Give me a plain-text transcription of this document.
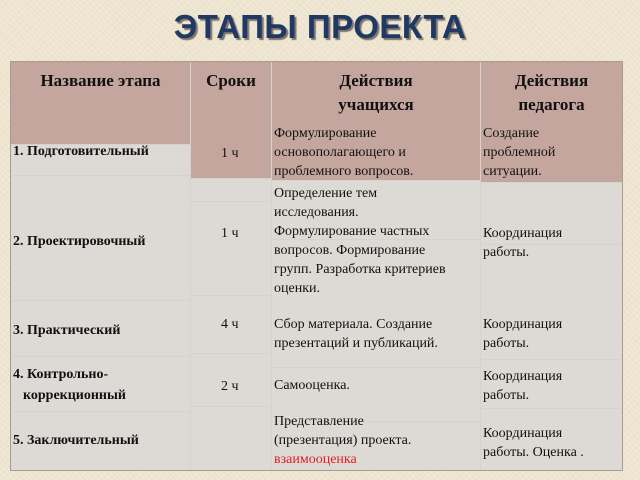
ЭТАПЫ ПРОЕКТА
Название этапа	Сроки	Действия
учащихся
Действия
педагога
1. Подготовительный
2. Проектировочный
3. Практический
4. Контрольно-
коррекционный
5. Заключительный
1 ч
1 ч
4 ч
2 ч
Формулирование
основополагающего и
проблемного вопросов.
Определение тем
исследования.
Формулирование частных
вопросов. Формирование
групп. Разработка критериев
оценки.
Сбор материала. Создание
презентаций и публикаций.
Самооценка.
Представление
(презентация) проекта.
взаимооценка
Создание
проблемной
ситуации.
Координация
работы.
Координация
работы.
Координация
работы.
Координация
работы. Оценка .
